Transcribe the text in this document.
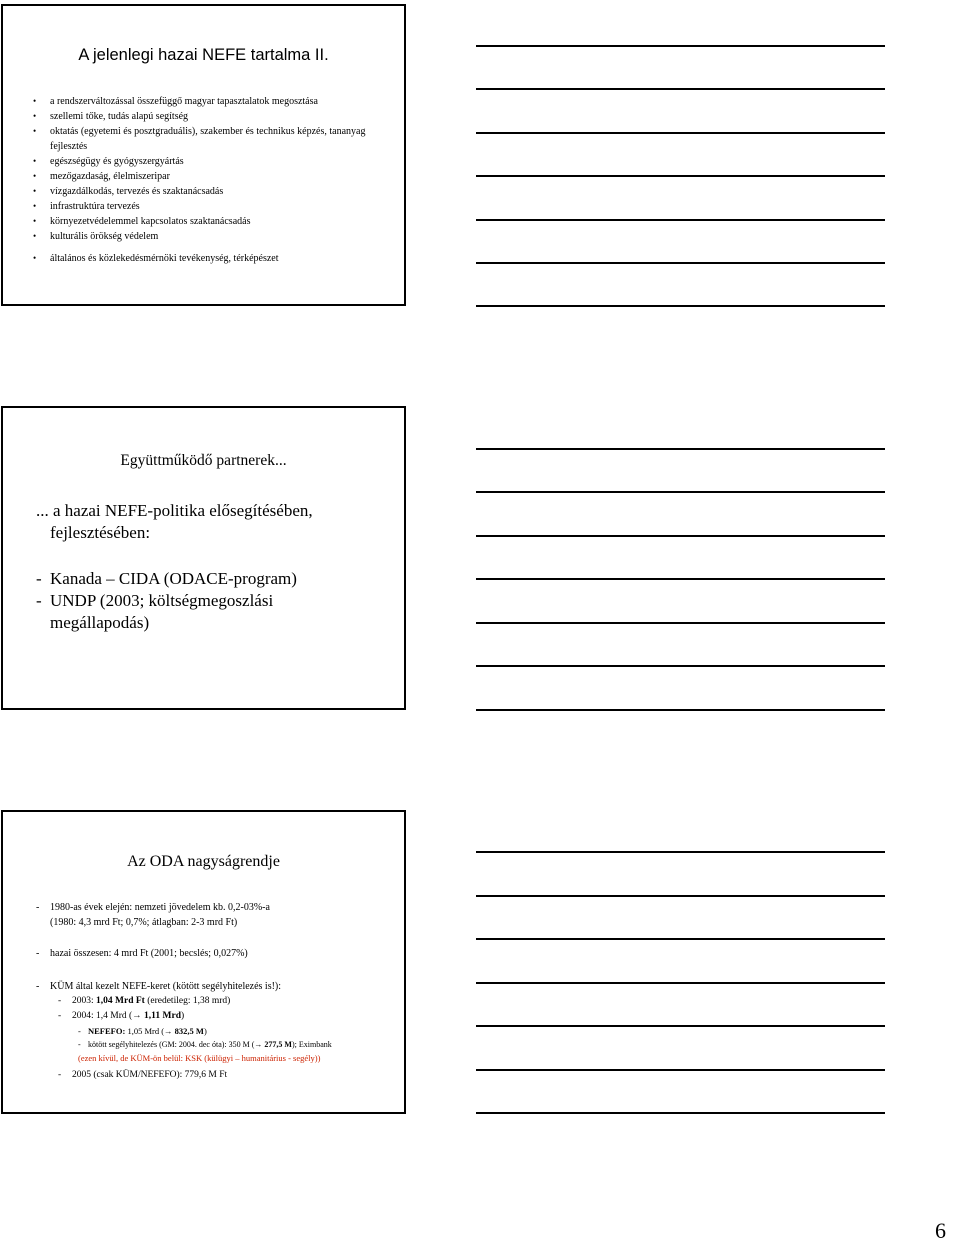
A jelenlegi hazai NEFE tartalma II.
• a rendszerváltozással összefüggő magyar tapasztalatok megosztása
• szellemi tőke, tudás alapú segítség
• oktatás (egyetemi és posztgraduális), szakember és technikus képzés, tananyag fejlesztés
• egészségügy és gyógyszergyártás
• mezőgazdaság, élelmiszeripar
• vízgazdálkodás, tervezés és szaktanácsadás
• infrastruktúra tervezés
• környezetvédelemmel kapcsolatos szaktanácsadás
• kulturális örökség védelem
• általános és közlekedésmérnöki tevékenység, térképészet
Együttműködő partnerek...
... a hazai NEFE-politika elősegítésében,
fejlesztésében:
- Kanada – CIDA (ODACE-program)
- UNDP (2003; költségmegoszlási
megállapodás)
Az ODA nagyságrendje
- 1980-as évek elején: nemzeti jövedelem kb. 0,2-03%-a
(1980: 4,3 mrd Ft; 0,7%; átlagban: 2-3 mrd Ft)
- hazai összesen: 4 mrd Ft (2001; becslés; 0,027%)
- KÜM által kezelt NEFE-keret (kötött segélyhitelezés is!):
- 2003: 1,04 Mrd Ft (eredetileg: 1,38 mrd)
- 2004: 1,4 Mrd (→ 1,11 Mrd)
- NEFEFO: 1,05 Mrd (→ 832,5 M)
- kötött segélyhitelezés (GM: 2004. dec óta): 350 M (→ 277,5 M); Eximbank
(ezen kívül, de KÜM-ön belül: KSK (külügyi – humanitárius - segély))
- 2005 (csak KÜM/NEFEFO): 779,6 M Ft
6
